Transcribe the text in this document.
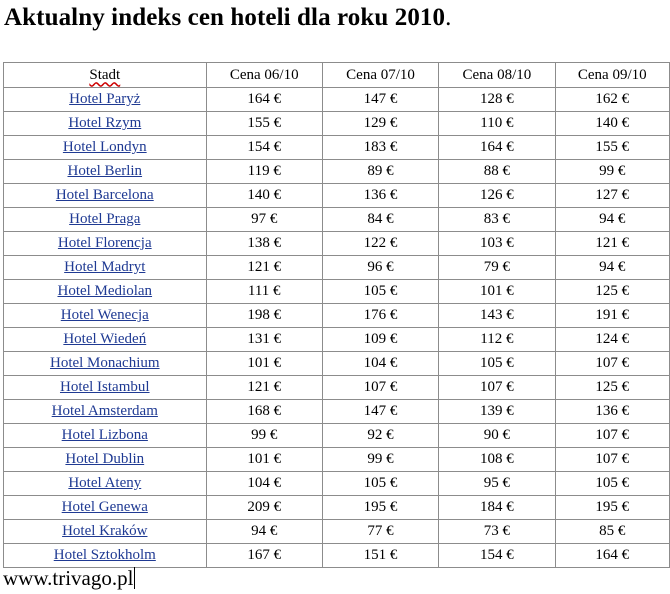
Aktualny indeks cen hoteli dla roku 2010.
Stadt	Cena 06/10	Cena 07/10	Cena 08/10	Cena 09/10
Hotel Paryż	164 €	147 €	128 €	162 €
Hotel Rzym	155 €	129 €	110 €	140 €
Hotel Londyn	154 €	183 €	164 €	155 €
Hotel Berlin	119 €	89 €	88 €	99 €
Hotel Barcelona	140 €	136 €	126 €	127 €
Hotel Praga	97 €	84 €	83 €	94 €
Hotel Florencja	138 €	122 €	103 €	121 €
Hotel Madryt	121 €	96 €	79 €	94 €
Hotel Mediolan	111 €	105 €	101 €	125 €
Hotel Wenecja	198 €	176 €	143 €	191 €
Hotel Wiedeń	131 €	109 €	112 €	124 €
Hotel Monachium	101 €	104 €	105 €	107 €
Hotel Istambul	121 €	107 €	107 €	125 €
Hotel Amsterdam	168 €	147 €	139 €	136 €
Hotel Lizbona	99 €	92 €	90 €	107 €
Hotel Dublin	101 €	99 €	108 €	107 €
Hotel Ateny	104 €	105 €	95 €	105 €
Hotel Genewa	209 €	195 €	184 €	195 €
Hotel Kraków	94 €	77 €	73 €	85 €
Hotel Sztokholm	167 €	151 €	154 €	164 €
www.trivago.pl
